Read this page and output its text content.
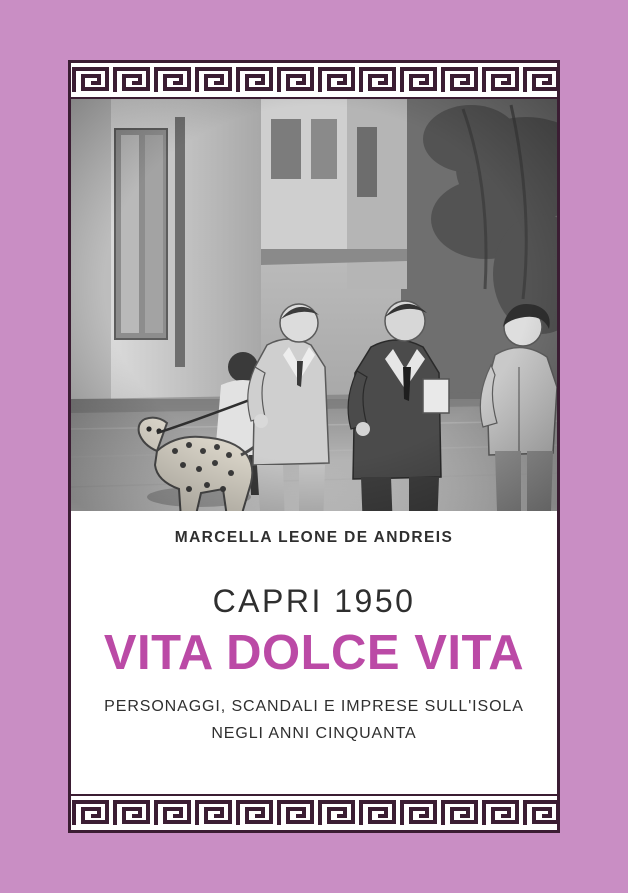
MARCELLA LEONE DE ANDREIS
CAPRI 1950
VITA DOLCE VITA
PERSONAGGI, SCANDALI E IMPRESE SULL'ISOLA
NEGLI ANNI CINQUANTA
